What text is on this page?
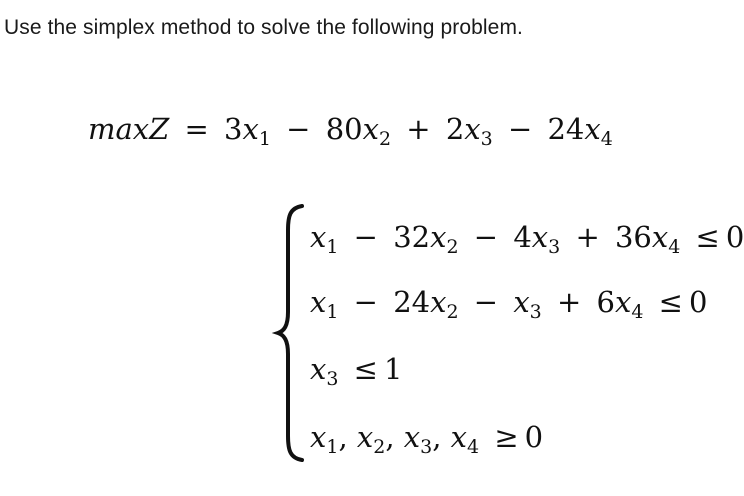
Use the simplex method to solve the following problem.
$\max Z = 3x_1 - 80x_2 + 2x_3 - 24x_4$
$x_1 - 32x_2 - 4x_3 + 36x_4 \le 0$
$x_1 - 24x_2 - x_3 + 6x_4 \le 0$
$x_3 \le 1$
$x_1$, $x_2$, $x_3$, $x_4 \ge 0$
